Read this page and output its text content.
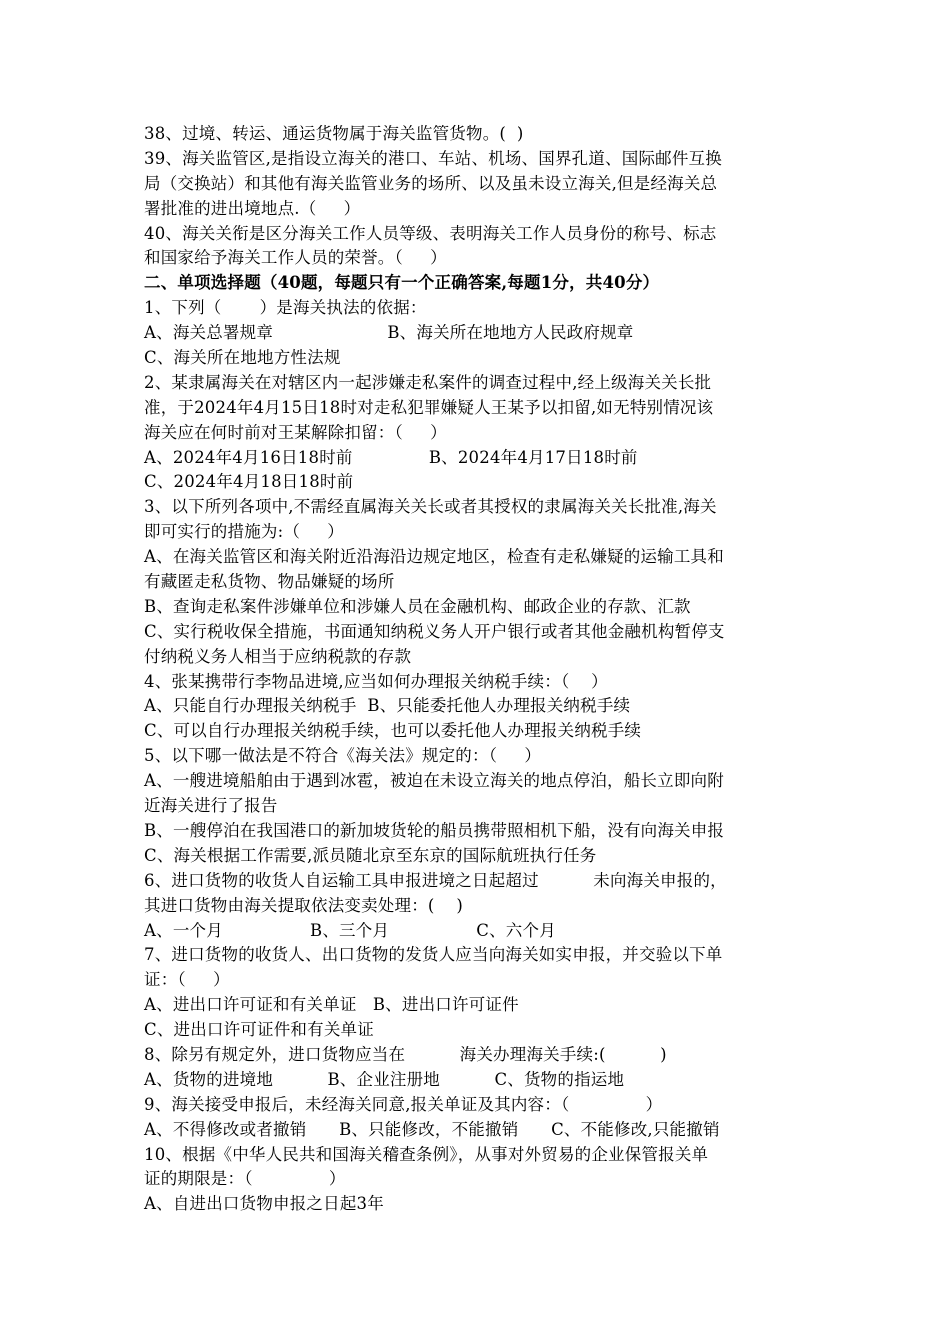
38、过境、转运、通运货物属于海关监管货物。(  )
39、海关监管区,是指设立海关的港口、车站、机场、国界孔道、国际邮件互换
局（交换站）和其他有海关监管业务的场所、以及虽未设立海关,但是经海关总
署批准的进出境地点.（     ）
40、海关关衔是区分海关工作人员等级、表明海关工作人员身份的称号、标志
和国家给予海关工作人员的荣誉。（     ）
二、单项选择题（40题，每题只有一个正确答案,每题1分，共40分）
1、下列（       ）是海关执法的依据：
A、海关总署规章                     B、海关所在地地方人民政府规章
C、海关所在地地方性法规
2、某隶属海关在对辖区内一起涉嫌走私案件的调查过程中,经上级海关关长批
准，于2024年4月15日18时对走私犯罪嫌疑人王某予以扣留,如无特别情况该
海关应在何时前对王某解除扣留：（     ）
A、2024年4月16日18时前              B、2024年4月17日18时前
C、2024年4月18日18时前
3、以下所列各项中,不需经直属海关关长或者其授权的隶属海关关长批准,海关
即可实行的措施为:（     ）
A、在海关监管区和海关附近沿海沿边规定地区，检查有走私嫌疑的运输工具和
有藏匿走私货物、物品嫌疑的场所
B、查询走私案件涉嫌单位和涉嫌人员在金融机构、邮政企业的存款、汇款
C、实行税收保全措施，书面通知纳税义务人开户银行或者其他金融机构暂停支
付纳税义务人相当于应纳税款的存款
4、张某携带行李物品进境,应当如何办理报关纳税手续：（    ）
A、只能自行办理报关纳税手  B、只能委托他人办理报关纳税手续
C、可以自行办理报关纳税手续，也可以委托他人办理报关纳税手续
5、以下哪一做法是不符合《海关法》规定的：（     ）
A、一艘进境船舶由于遇到冰雹，被迫在未设立海关的地点停泊，船长立即向附
近海关进行了报告
B、一艘停泊在我国港口的新加坡货轮的船员携带照相机下船，没有向海关申报
C、海关根据工作需要,派员随北京至东京的国际航班执行任务
6、进口货物的收货人自运输工具申报进境之日起超过          未向海关申报的，
其进口货物由海关提取依法变卖处理：(    )
A、一个月                B、三个月                C、六个月
7、进口货物的收货人、出口货物的发货人应当向海关如实申报，并交验以下单
证：（     ）
A、进出口许可证和有关单证   B、进出口许可证件
C、进出口许可证件和有关单证
8、除另有规定外，进口货物应当在          海关办理海关手续:(          )
A、货物的进境地          B、企业注册地          C、货物的指运地
9、海关接受申报后，未经海关同意,报关单证及其内容：（              ）
A、不得修改或者撤销      B、只能修改，不能撤销      C、不能修改,只能撤销
10、根据《中华人民共和国海关稽查条例》，从事对外贸易的企业保管报关单
证的期限是：（              ）
A、自进出口货物申报之日起3年
